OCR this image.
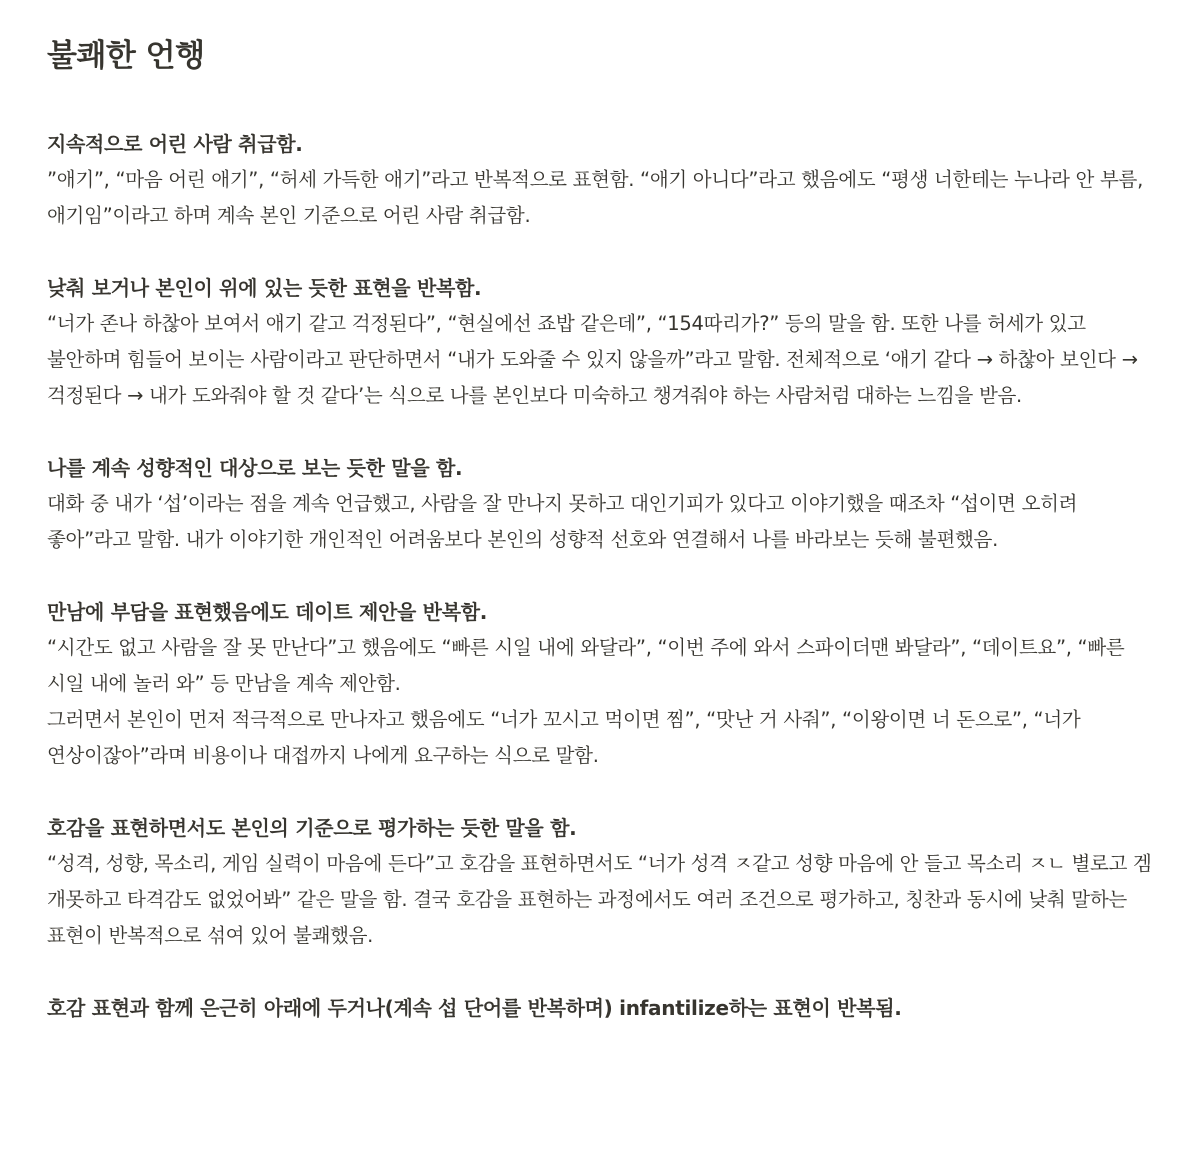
불쾌한 언행

지속적으로 어린 사람 취급함.

”애기”, “마음 어린 애기”, “허세 가득한 애기”라고 반복적으로 표현함. “애기 아니다”라고 했음에도 “평생 너한테는 누나라 안 부름, 애기임”이라고 하며 계속 본인 기준으로 어린 사람 취급함.

낮춰 보거나 본인이 위에 있는 듯한 표현을 반복함.

“너가 존나 하찮아 보여서 애기 같고 걱정된다”, “현실에선 죠밥 같은데”, “154따리가?” 등의 말을 함. 또한 나를 허세가 있고 불안하며 힘들어 보이는 사람이라고 판단하면서 “내가 도와줄 수 있지 않을까”라고 말함. 전체적으로 ‘애기 같다 → 하찮아 보인다 → 걱정된다 → 내가 도와줘야 할 것 같다’는 식으로 나를 본인보다 미숙하고 챙겨줘야 하는 사람처럼 대하는 느낌을 받음.

나를 계속 성향적인 대상으로 보는 듯한 말을 함.

대화 중 내가 ‘섭’이라는 점을 계속 언급했고, 사람을 잘 만나지 못하고 대인기피가 있다고 이야기했을 때조차 “섭이면 오히려 좋아”라고 말함. 내가 이야기한 개인적인 어려움보다 본인의 성향적 선호와 연결해서 나를 바라보는 듯해 불편했음.

만남에 부담을 표현했음에도 데이트 제안을 반복함.

“시간도 없고 사람을 잘 못 만난다”고 했음에도 “빠른 시일 내에 와달라”, “이번 주에 와서 스파이더맨 봐달라”, “데이트요”, “빠른 시일 내에 놀러 와” 등 만남을 계속 제안함.

그러면서 본인이 먼저 적극적으로 만나자고 했음에도 “너가 꼬시고 먹이면 찜”, “맛난 거 사줘”, “이왕이면 너 돈으로”, “너가 연상이잖아”라며 비용이나 대접까지 나에게 요구하는 식으로 말함.

호감을 표현하면서도 본인의 기준으로 평가하는 듯한 말을 함.

“성격, 성향, 목소리, 게임 실력이 마음에 든다”고 호감을 표현하면서도 “너가 성격 ㅈ같고 성향 마음에 안 들고 목소리 ㅈㄴ 별로고 겜 개못하고 타격감도 없었어봐” 같은 말을 함. 결국 호감을 표현하는 과정에서도 여러 조건으로 평가하고, 칭찬과 동시에 낮춰 말하는 표현이 반복적으로 섞여 있어 불쾌했음.

호감 표현과 함께 은근히 아래에 두거나(계속 섭 단어를 반복하며) infantilize하는 표현이 반복됨.
